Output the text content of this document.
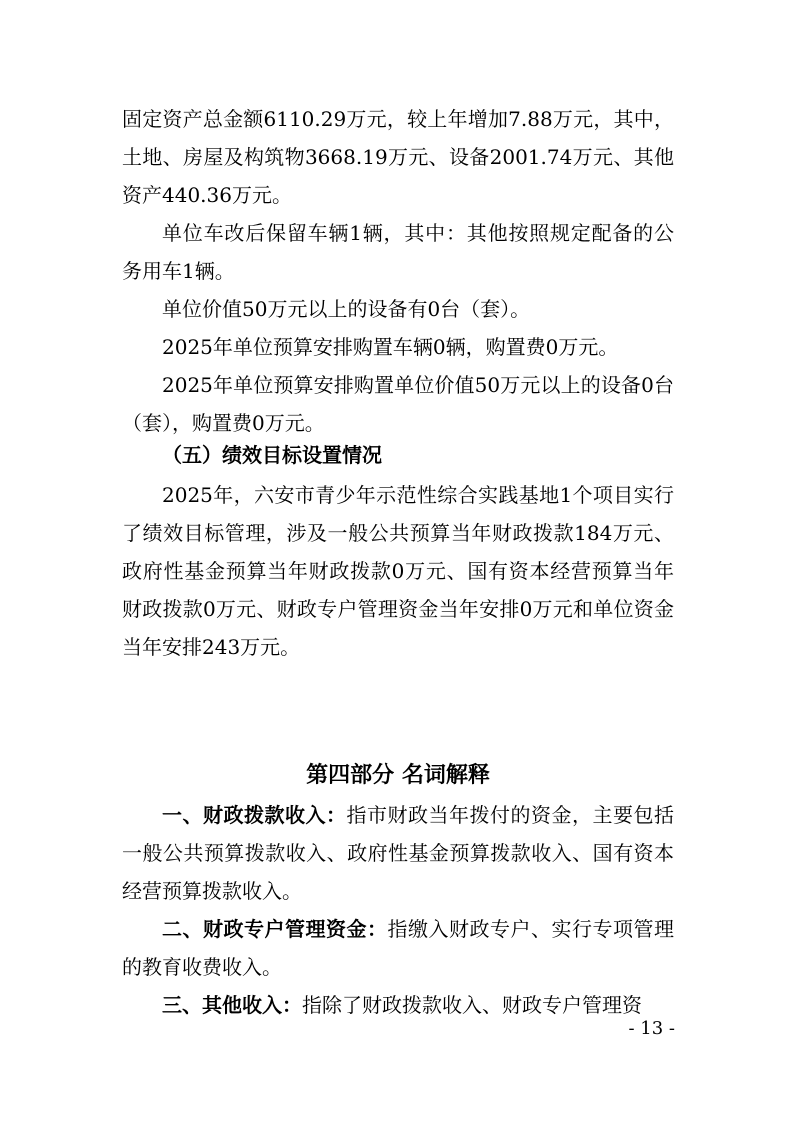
固定资产总金额6110.29万元，较上年增加7.88万元，其中，土地、房屋及构筑物3668.19万元、设备2001.74万元、其他资产440.36万元。

单位车改后保留车辆1辆，其中：其他按照规定配备的公务用车1辆。

单位价值50万元以上的设备有0台（套）。

2025年单位预算安排购置车辆0辆，购置费0万元。

2025年单位预算安排购置单位价值50万元以上的设备0台（套），购置费0万元。

（五）绩效目标设置情况

2025年，六安市青少年示范性综合实践基地1个项目实行了绩效目标管理，涉及一般公共预算当年财政拨款184万元、政府性基金预算当年财政拨款0万元、国有资本经营预算当年财政拨款0万元、财政专户管理资金当年安排0万元和单位资金当年安排243万元。

第四部分 名词解释

一、财政拨款收入：指市财政当年拨付的资金，主要包括一般公共预算拨款收入、政府性基金预算拨款收入、国有资本经营预算拨款收入。

二、财政专户管理资金：指缴入财政专户、实行专项管理的教育收费收入。

三、其他收入：指除了财政拨款收入、财政专户管理资

- 13 -
